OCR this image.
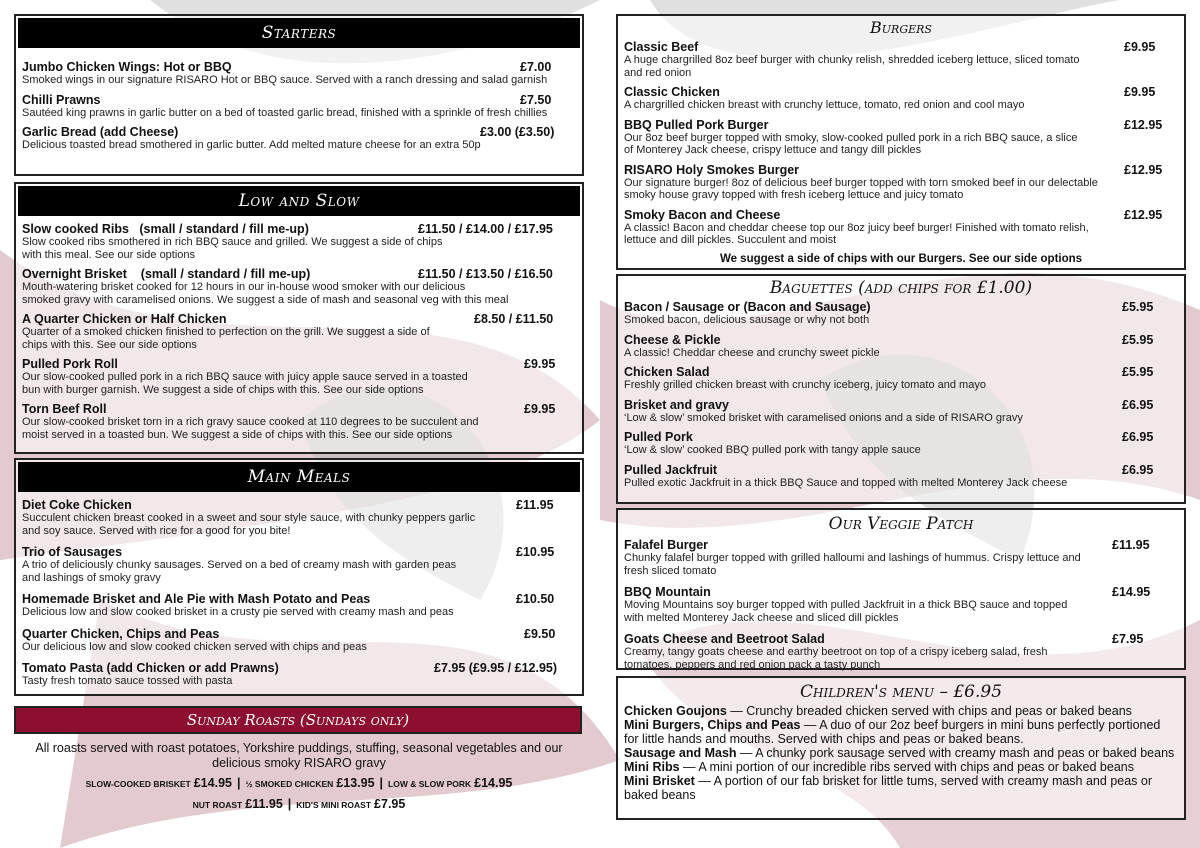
Starters
Jumbo Chicken Wings: Hot or BBQ	£7.00
Smoked wings in our signature RISARO Hot or BBQ sauce. Served with a ranch dressing and salad garnish
Chilli Prawns	£7.50
Sautéed king prawns in garlic butter on a bed of toasted garlic bread, finished with a sprinkle of fresh chillies
Garlic Bread (add Cheese)	£3.00 (£3.50)
Delicious toasted bread smothered in garlic butter. Add melted mature cheese for an extra 50p
Low and Slow
Slow cooked Ribs   (small / standard / fill me-up)	£11.50 / £14.00 / £17.95
Slow cooked ribs smothered in rich BBQ sauce and grilled. We suggest a side of chips
with this meal. See our side options
Overnight Brisket    (small / standard / fill me-up)	£11.50 / £13.50 / £16.50
Mouth-watering brisket cooked for 12 hours in our in-house wood smoker with our delicious
smoked gravy with caramelised onions. We suggest a side of mash and seasonal veg with this meal
A Quarter Chicken or Half Chicken	£8.50 / £11.50
Quarter of a smoked chicken finished to perfection on the grill. We suggest a side of
chips with this. See our side options
Pulled Pork Roll	£9.95
Our slow-cooked pulled pork in a rich BBQ sauce with juicy apple sauce served in a toasted
bun with burger garnish. We suggest a side of chips with this. See our side options
Torn Beef Roll	£9.95
Our slow-cooked brisket torn in a rich gravy sauce cooked at 110 degrees to be succulent and
moist served in a toasted bun. We suggest a side of chips with this. See our side options
Main Meals
Diet Coke Chicken	£11.95
Succulent chicken breast cooked in a sweet and sour style sauce, with chunky peppers garlic
and soy sauce. Served with rice for a good for you bite!
Trio of Sausages	£10.95
A trio of deliciously chunky sausages. Served on a bed of creamy mash with garden peas
and lashings of smoky gravy
Homemade Brisket and Ale Pie with Mash Potato and Peas	£10.50
Delicious low and slow cooked brisket in a crusty pie served with creamy mash and peas
Quarter Chicken, Chips and Peas	£9.50
Our delicious low and slow cooked chicken served with chips and peas
Tomato Pasta (add Chicken or add Prawns)	£7.95 (£9.95 / £12.95)
Tasty fresh tomato sauce tossed with pasta
Sunday Roasts (Sundays only)
All roasts served with roast potatoes, Yorkshire puddings, stuffing, seasonal vegetables and our
delicious smoky RISARO gravy
SLOW-COOKED BRISKET £14.95 | ½ SMOKED CHICKEN £13.95 | LOW & SLOW PORK £14.95
NUT ROAST £11.95 | KID'S MINI ROAST £7.95
Burgers
Classic Beef	£9.95
A huge chargrilled 8oz beef burger with chunky relish, shredded iceberg lettuce, sliced tomato
and red onion
Classic Chicken	£9.95
A chargrilled chicken breast with crunchy lettuce, tomato, red onion and cool mayo
BBQ Pulled Pork Burger	£12.95
Our 8oz beef burger topped with smoky, slow-cooked pulled pork in a rich BBQ sauce, a slice
of Monterey Jack cheese, crispy lettuce and tangy dill pickles
RISARO Holy Smokes Burger	£12.95
Our signature burger! 8oz of delicious beef burger topped with torn smoked beef in our delectable
smoky house gravy topped with fresh iceberg lettuce and juicy tomato
Smoky Bacon and Cheese	£12.95
A classic! Bacon and cheddar cheese top our 8oz juicy beef burger! Finished with tomato relish,
lettuce and dill pickles. Succulent and moist
We suggest a side of chips with our Burgers. See our side options
Baguettes (add chips for £1.00)
Bacon / Sausage or (Bacon and Sausage)	£5.95
Smoked bacon, delicious sausage or why not both
Cheese & Pickle	£5.95
A classic! Cheddar cheese and crunchy sweet pickle
Chicken Salad	£5.95
Freshly grilled chicken breast with crunchy iceberg, juicy tomato and mayo
Brisket and gravy	£6.95
‘Low & slow’ smoked brisket with caramelised onions and a side of RISARO gravy
Pulled Pork	£6.95
‘Low & slow’ cooked BBQ pulled pork with tangy apple sauce
Pulled Jackfruit	£6.95
Pulled exotic Jackfruit in a thick BBQ Sauce and topped with melted Monterey Jack cheese
Our Veggie Patch
Falafel Burger	£11.95
Chunky falafel burger topped with grilled halloumi and lashings of hummus. Crispy lettuce and
fresh sliced tomato
BBQ Mountain	£14.95
Moving Mountains soy burger topped with pulled Jackfruit in a thick BBQ sauce and topped
with melted Monterey Jack cheese and sliced dill pickles
Goats Cheese and Beetroot Salad	£7.95
Creamy, tangy goats cheese and earthy beetroot on top of a crispy iceberg salad, fresh
tomatoes, peppers and red onion pack a tasty punch
Children's menu – £6.95
Chicken Goujons — Crunchy breaded chicken served with chips and peas or baked beans
Mini Burgers, Chips and Peas — A duo of our 2oz beef burgers in mini buns perfectly portioned for little hands and mouths. Served with chips and peas or baked beans.
Sausage and Mash — A chunky pork sausage served with creamy mash and peas or baked beans
Mini Ribs — A mini portion of our incredible ribs served with chips and peas or baked beans
Mini Brisket — A portion of our fab brisket for little tums, served with creamy mash and peas or baked beans
